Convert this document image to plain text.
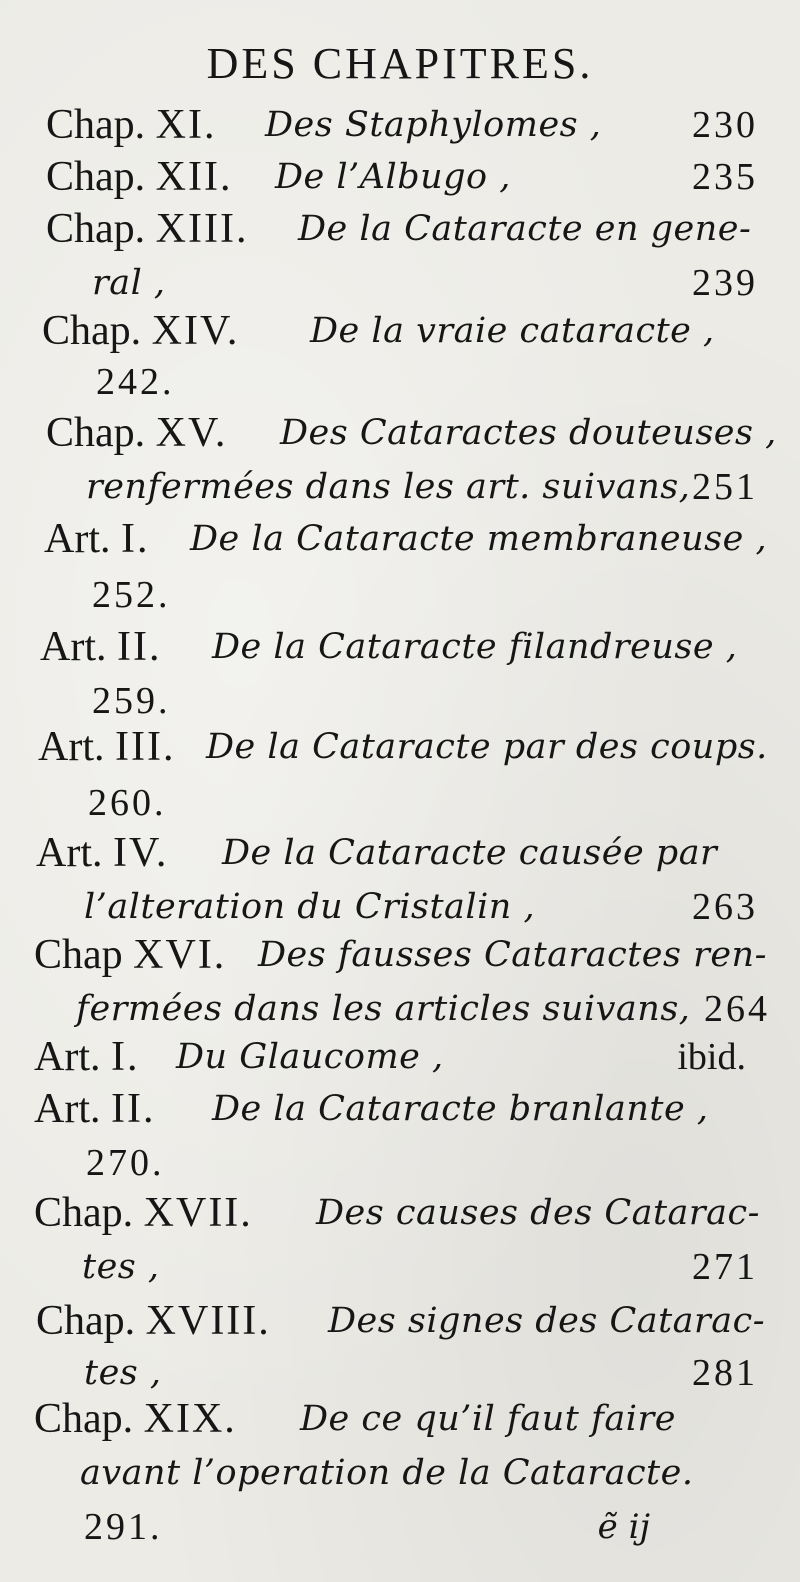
DES CHAPITRES.
Chap. XI. Des Staphylomes , 230
Chap. XII. De l’Albugo ,	235
Chap. XIII. De la Cataracte en gene-
ral ,	239
Chap. XIV. De la vraie cataracte ,
242.
Chap. XV. Des Cataractes douteuses ,
renfermées dans les art. suivans, 251
Art. I. De la Cataracte membraneuse ,
252.
Art. II. De la Cataracte filandreuse ,
259.
Art. III. De la Cataracte par des coups.
260.
Art. IV. De la Cataracte causée par
l’alteration du Cristalin ,	263
Chap XVI. Des fausses Cataractes ren-
fermées dans les articles suivans, 264
Art. I. Du Glaucome ,	ibid.
Art. II. De la Cataracte branlante ,
270.
Chap. XVII. Des causes des Catarac-
tes ,	271
Chap. XVIII. Des signes des Catarac-
tes ,	281
Chap. XIX. De ce qu’il faut faire
avant l’operation de la Cataracte.
291.	ẽ ij
